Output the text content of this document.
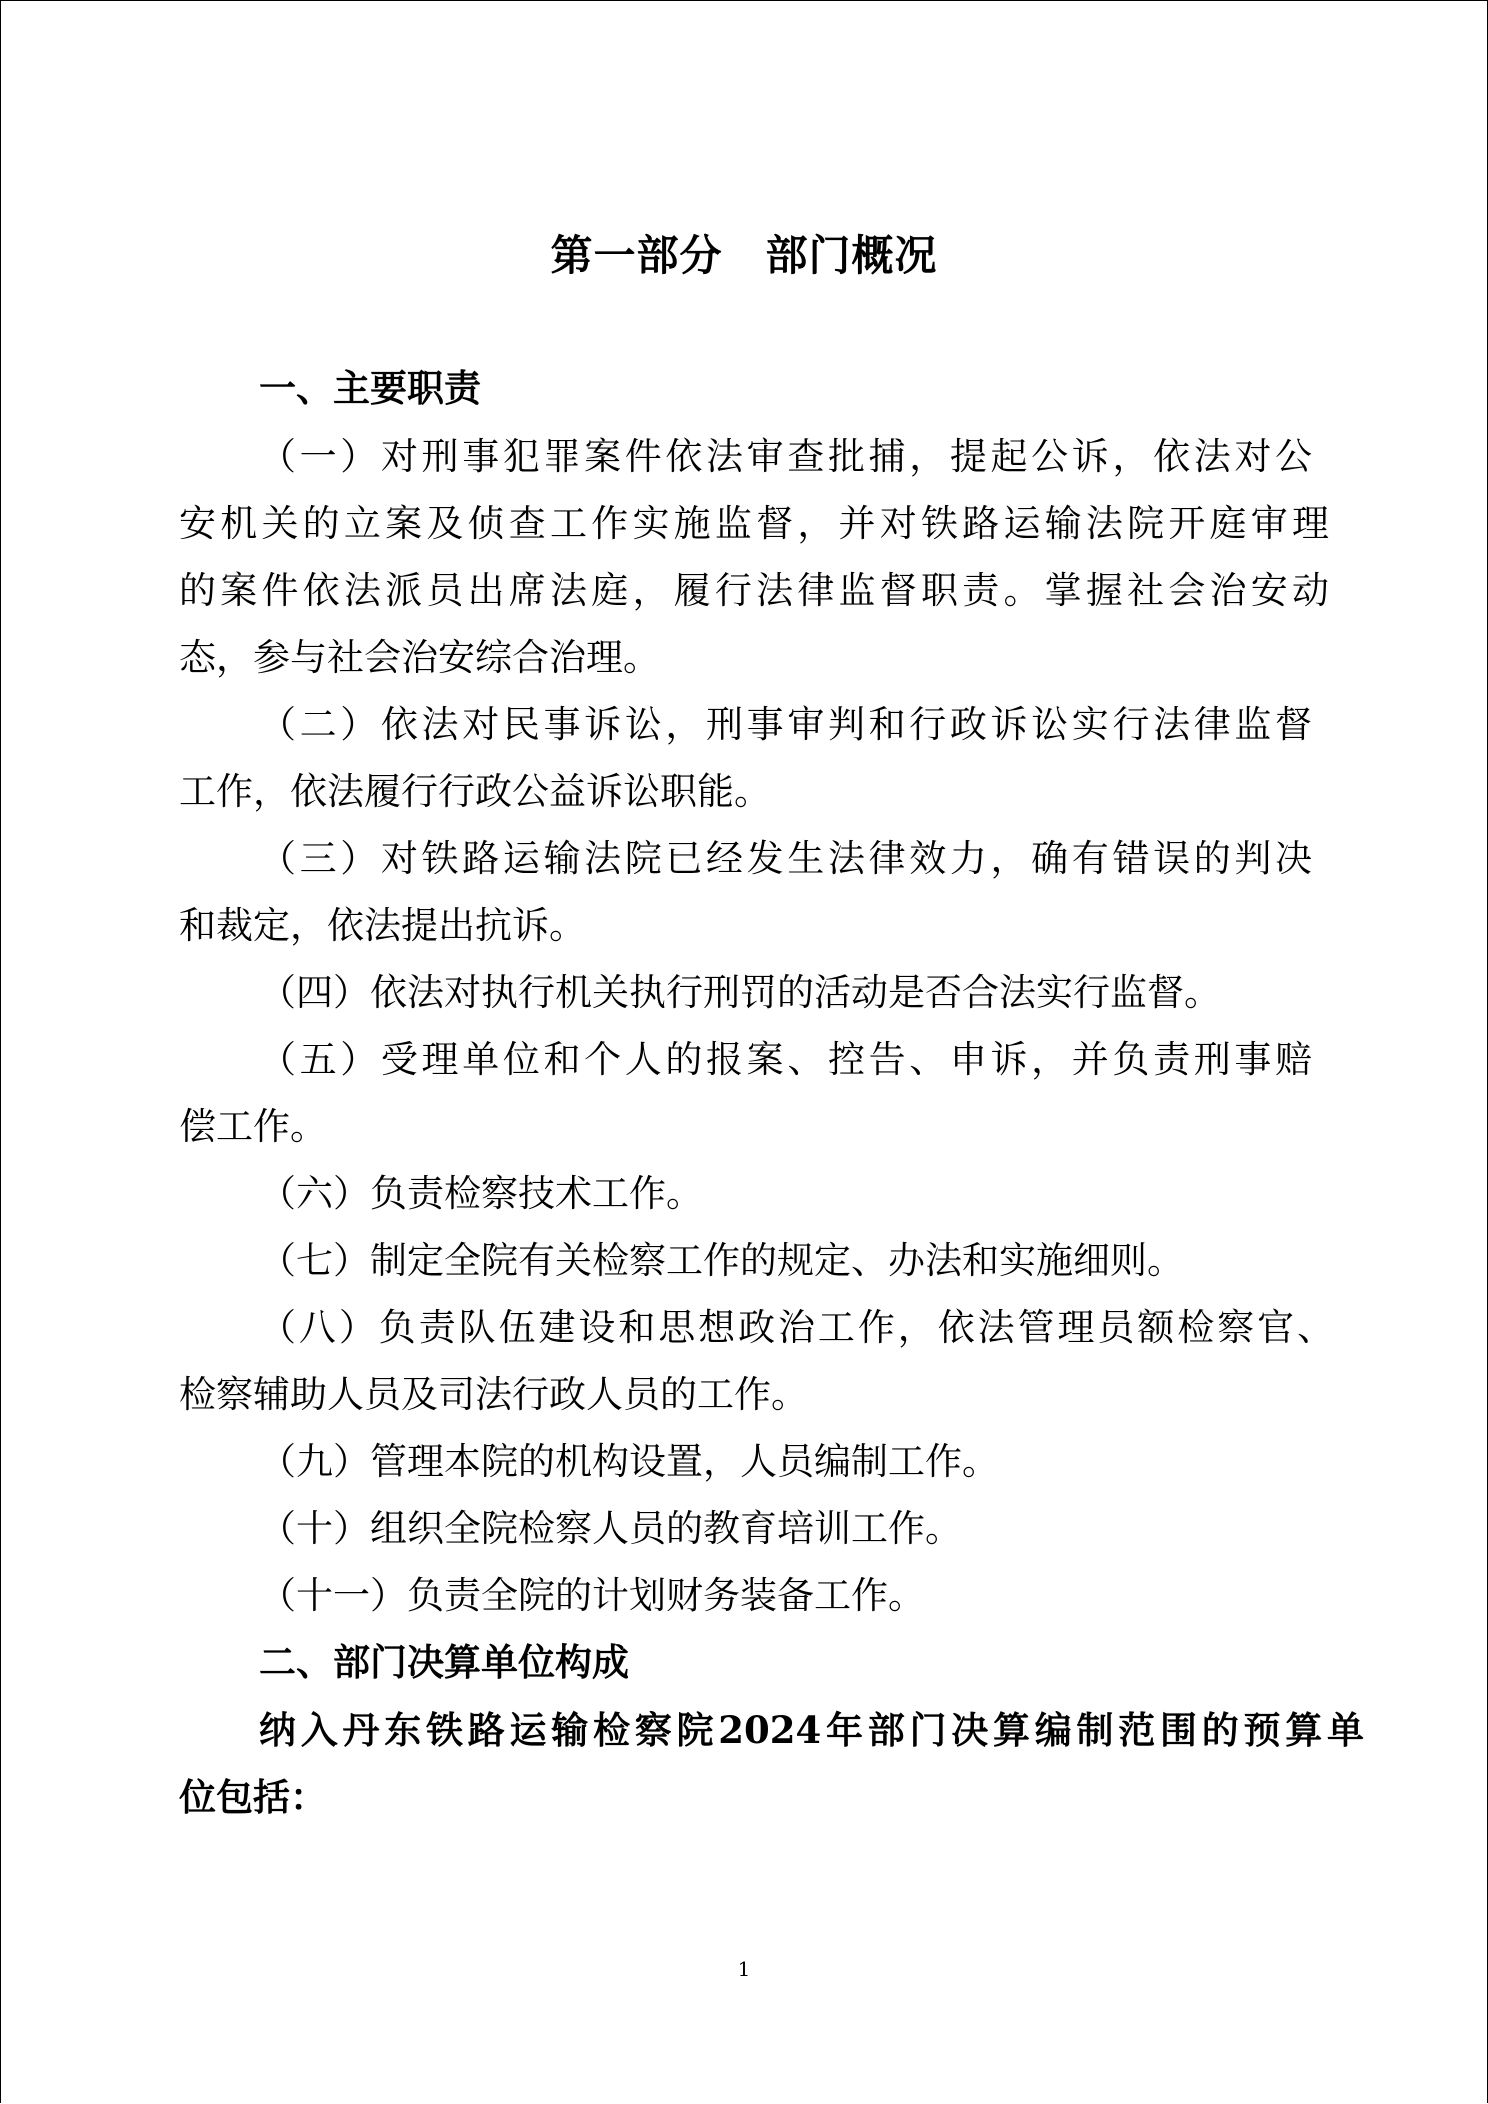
第一部分　部门概况
一、主要职责
（一）对刑事犯罪案件依法审查批捕，提起公诉，依法对公
安机关的立案及侦查工作实施监督，并对铁路运输法院开庭审理
的案件依法派员出席法庭，履行法律监督职责。掌握社会治安动
态，参与社会治安综合治理。
（二）依法对民事诉讼，刑事审判和行政诉讼实行法律监督
工作，依法履行行政公益诉讼职能。
（三）对铁路运输法院已经发生法律效力，确有错误的判决
和裁定，依法提出抗诉。
（四）依法对执行机关执行刑罚的活动是否合法实行监督。
（五）受理单位和个人的报案、控告、申诉，并负责刑事赔
偿工作。
（六）负责检察技术工作。
（七）制定全院有关检察工作的规定、办法和实施细则。
（八）负责队伍建设和思想政治工作，依法管理员额检察官、
检察辅助人员及司法行政人员的工作。
（九）管理本院的机构设置，人员编制工作。
（十）组织全院检察人员的教育培训工作。
（十一）负责全院的计划财务装备工作。
二、部门决算单位构成
纳入丹东铁路运输检察院2024年部门决算编制范围的预算单
位包括：
1
